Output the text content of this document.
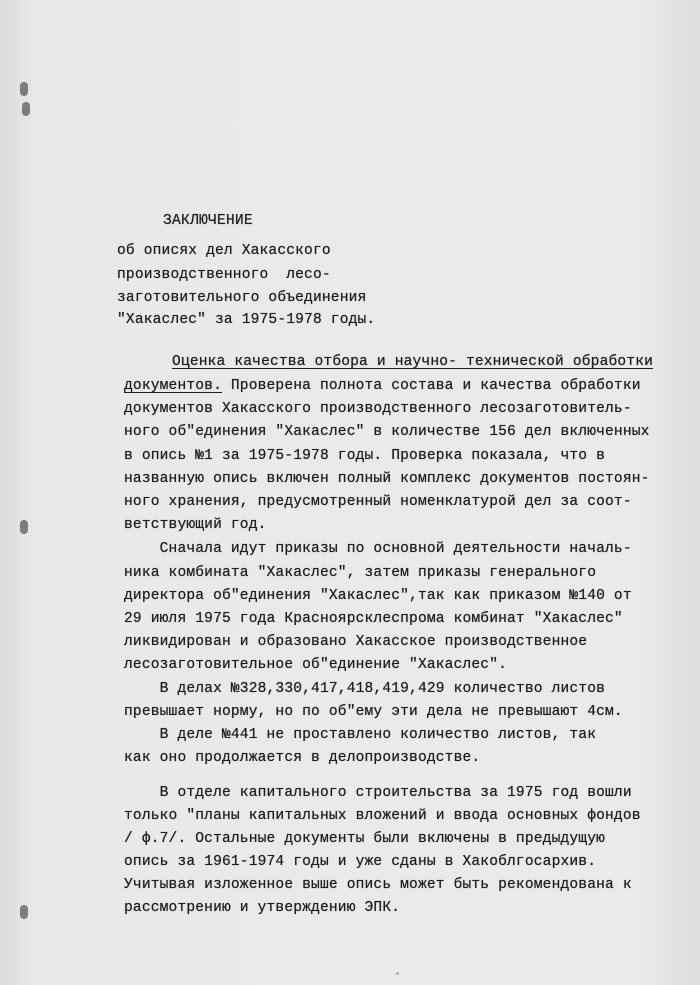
ЗАКЛЮЧЕНИЕ
об описях дел Хакасского
производственного  лесо-
заготовительного объединения
"Хакаслес" за 1975-1978 годы.
Оценка качества отбора и научно- технической обработки
документов. Проверена полнота состава и качества обработки
документов Хакасского производственного лесозаготовитель-
ного об"единения "Хакаслес" в количестве 156 дел включенных
в опись №1 за 1975-1978 годы. Проверка показала, что в
названную опись включен полный комплекс документов постоян-
ного хранения, предусмотренный номенклатурой дел за соот-
ветствующий год.
Сначала идут приказы по основной деятельности началь-
ника комбината "Хакаслес", затем приказы генерального
директора об"единения "Хакаслес",так как приказом №140 от
29 июля 1975 года Красноярсклеспрома комбинат "Хакаслес"
ликвидирован и образовано Хакасское производственное
лесозаготовительное об"единение "Хакаслес".
В делах №328,330,417,418,419,429 количество листов
превышает норму, но по об"ему эти дела не превышают 4см.
В деле №441 не проставлено количество листов, так
как оно продолжается в делопроизводстве.
В отделе капитального строительства за 1975 год вошли
только "планы капитальных вложений и ввода основных фондов
/ ф.7/. Остальные документы были включены в предыдущую
опись за 1961-1974 годы и уже сданы в Хакоблгосархив.
Учитывая изложенное выше опись может быть рекомендована к
рассмотрению и утверждению ЭПК.
